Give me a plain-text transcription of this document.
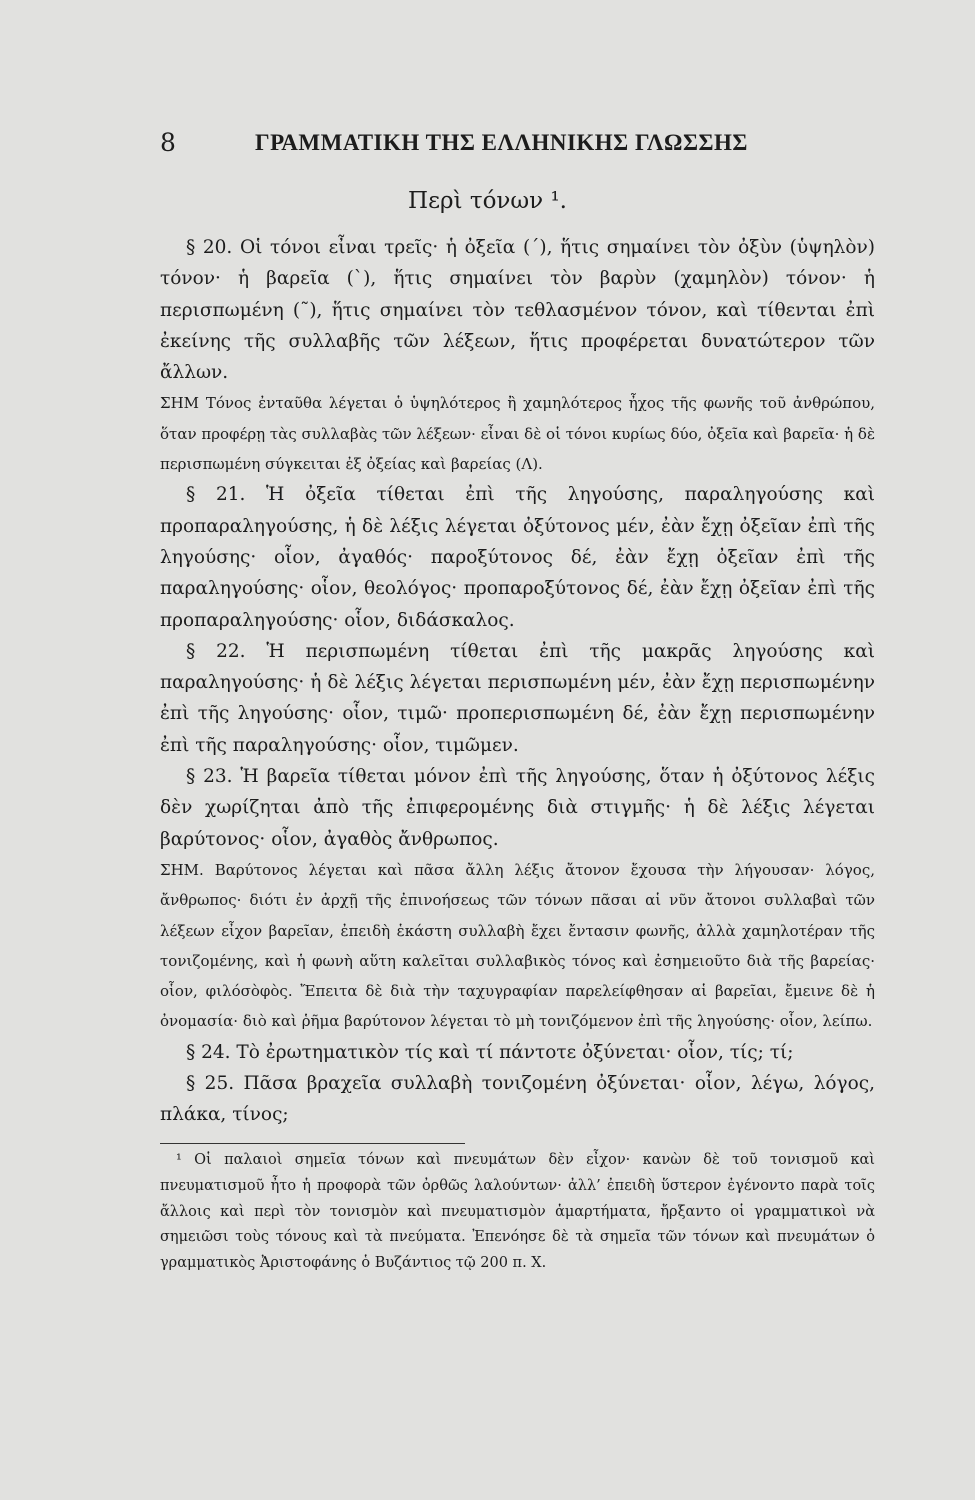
8	ΓΡΑΜΜΑΤΙΚΗ ΤΗΣ ΕΛΛΗΝΙΚΗΣ ΓΛΩΣΣΗΣ
Περὶ τόνων ¹.

§ 20. Οἱ τόνοι εἶναι τρεῖς· ἡ ὀξεῖα (΄), ἥτις σημαίνει τὸν ὀξὺν (ὑψηλὸν) τόνον· ἡ βαρεῖα (`), ἥτις σημαίνει τὸν βαρὺν (χαμηλὸν) τόνον· ἡ περισπωμένη (῀), ἥτις σημαίνει τὸν τεθλασμένον τόνον, καὶ τίθενται ἐπὶ ἐκείνης τῆς συλλαβῆς τῶν λέξεων, ἥτις προφέρεται δυνατώτερον τῶν ἄλλων.

ΣΗΜ Τόνος ἐνταῦθα λέγεται ὁ ὑψηλότερος ἢ χαμηλότερος ἦχος τῆς φωνῆς τοῦ ἀνθρώπου, ὅταν προφέρῃ τὰς συλλαβὰς τῶν λέξεων· εἶναι δὲ οἱ τόνοι κυρίως δύο, ὀξεῖα καὶ βαρεῖα· ἡ δὲ περισπωμένη σύγκειται ἐξ ὀξείας καὶ βαρείας (Λ).

§ 21. Ἡ ὀξεῖα τίθεται ἐπὶ τῆς ληγούσης, παραληγούσης καὶ προπαραληγούσης, ἡ δὲ λέξις λέγεται ὀξύτονος μέν, ἐὰν ἔχῃ ὀξεῖαν ἐπὶ τῆς ληγούσης· οἷον, ἀγαθός· παροξύτονος δέ, ἐὰν ἔχῃ ὀξεῖαν ἐπὶ τῆς παραληγούσης· οἷον, θεολόγος· προπαροξύτονος δέ, ἐὰν ἔχῃ ὀξεῖαν ἐπὶ τῆς προπαραληγούσης· οἷον, διδάσκαλος.

§ 22. Ἡ περισπωμένη τίθεται ἐπὶ τῆς μακρᾶς ληγούσης καὶ παραληγούσης· ἡ δὲ λέξις λέγεται περισπωμένη μέν, ἐὰν ἔχῃ περισπωμένην ἐπὶ τῆς ληγούσης· οἷον, τιμῶ· προπερισπωμένη δέ, ἐὰν ἔχῃ περισπωμένην ἐπὶ τῆς παραληγούσης· οἷον, τιμῶμεν.

§ 23. Ἡ βαρεῖα τίθεται μόνον ἐπὶ τῆς ληγούσης, ὅταν ἡ ὀξύτονος λέξις δὲν χωρίζηται ἀπὸ τῆς ἐπιφερομένης διὰ στιγμῆς· ἡ δὲ λέξις λέγεται βαρύτονος· οἷον, ἀγαθὸς ἄνθρωπος.

ΣΗΜ. Βαρύτονος λέγεται καὶ πᾶσα ἄλλη λέξις ἄτονον ἔχουσα τὴν λήγουσαν· λόγος, ἄνθρωπος· διότι ἐν ἀρχῇ τῆς ἐπινοήσεως τῶν τόνων πᾶσαι αἱ νῦν ἄτονοι συλλαβαὶ τῶν λέξεων εἶχον βαρεῖαν, ἐπειδὴ ἑκάστη συλλαβὴ ἔχει ἔντασιν φωνῆς, ἀλλὰ χαμηλοτέραν τῆς τονιζομένης, καὶ ἡ φωνὴ αὕτη καλεῖται συλλαβικὸς τόνος καὶ ἐσημειοῦτο διὰ τῆς βαρείας· οἷον, φιλόσὸφὸς. Ἔπειτα δὲ διὰ τὴν ταχυγραφίαν παρελείφθησαν αἱ βαρεῖαι, ἔμεινε δὲ ἡ ὀνομασία· διὸ καὶ ῥῆμα βαρύτονον λέγεται τὸ μὴ τονιζόμενον ἐπὶ τῆς ληγούσης· οἷον, λείπω.

§ 24. Τὸ ἐρωτηματικὸν τίς καὶ τί πάντοτε ὀξύνεται· οἷον, τίς; τί;

§ 25. Πᾶσα βραχεῖα συλλαβὴ τονιζομένη ὀξύνεται· οἷον, λέγω, λόγος, πλάκα, τίνος;

¹ Οἱ παλαιοὶ σημεῖα τόνων καὶ πνευμάτων δὲν εἶχον· κανὼν δὲ τοῦ τονισμοῦ καὶ πνευματισμοῦ ἦτο ἡ προφορὰ τῶν ὀρθῶς λαλούντων· ἀλλ’ ἐπειδὴ ὕστερον ἐγένοντο παρὰ τοῖς ἄλλοις καὶ περὶ τὸν τονισμὸν καὶ πνευματισμὸν ἁμαρτήματα, ἤρξαντο οἱ γραμματικοὶ νὰ σημειῶσι τοὺς τόνους καὶ τὰ πνεύματα. Ἐπενόησε δὲ τὰ σημεῖα τῶν τόνων καὶ πνευμάτων ὁ γραμματικὸς Ἀριστοφάνης ὁ Βυζάντιος τῷ 200 π. Χ.
